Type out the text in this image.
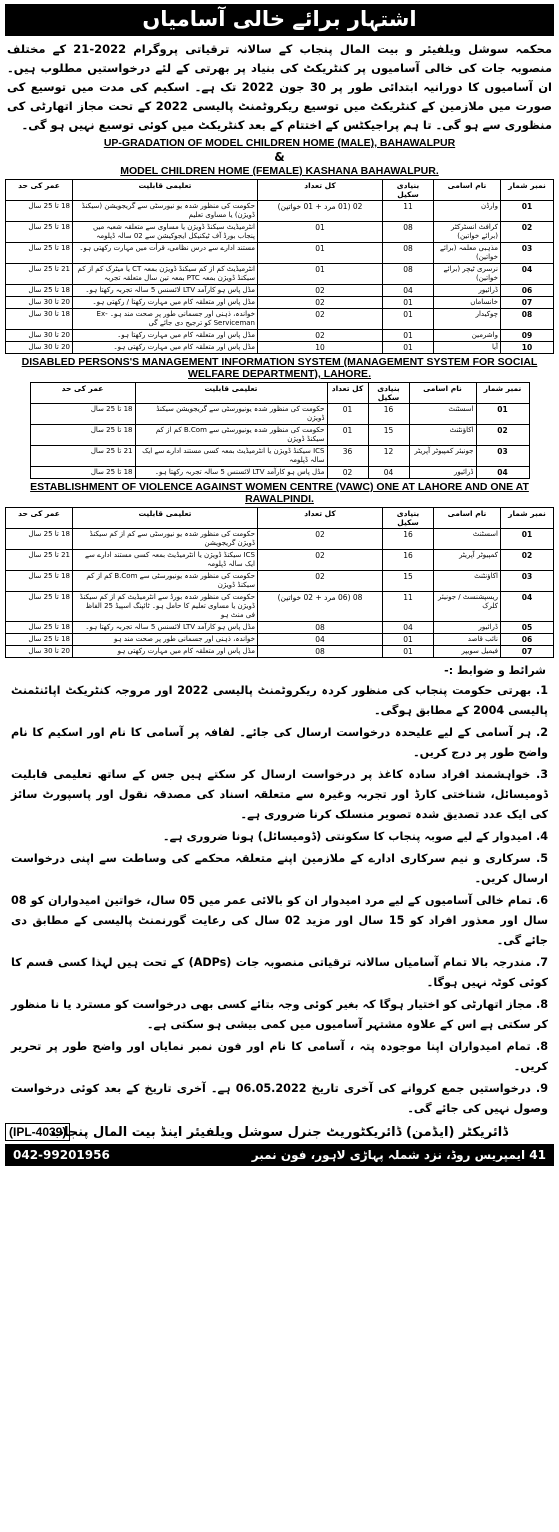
اشتہار برائے خالی آسامیاں
محکمہ سوشل ویلفیئر و بیت المال پنجاب کے سالانہ ترقیاتی پروگرام 2022-21 کے مختلف منصوبہ جات کی خالی آسامیوں پر کنٹریکٹ کی بنیاد پر بھرتی کے لئے درخواستیں مطلوب ہیں۔ ان آسامیوں کا دورانیہ ابتدائی طور پر 30 جون 2022 تک ہے۔ اسکیم کی مدت میں توسیع کی صورت میں ملازمین کے کنٹریکٹ میں توسیع ریکروٹمنٹ پالیسی 2022 کے تحت مجاز اتھارٹی کی منظوری سے ہو گی۔ تا ہم پراجیکٹس کے اختتام کے بعد کنٹریکٹ میں کوئی توسیع نہیں ہو گی۔
UP-GRADATION OF MODEL CHILDREN HOME (MALE), BAHAWALPUR
&
MODEL CHILDREN HOME (FEMALE) KASHANA BAHAWALPUR.
نمبر شمار	نام اسامی	بنیادی سکیل	کل تعداد	تعلیمی قابلیت	عمر کی حد
01	وارڈن	11	02 (01 مرد + 01 خواتین)	حکومت کی منظور شدہ یو نیورسٹی سے گریجویشن (سیکنڈ ڈویژن) یا مساوی تعلیم	18 تا 25 سال
02	کرافٹ انسٹرکٹر (برائے خواتین)	08	01	انٹرمیڈیٹ سیکنڈ ڈویژن یا مساوی سے متعلقہ شعبہ میں پنجاب بورڈ آف ٹیکنیکل ایجوکیشن سے 02 سالہ ڈپلومہ	18 تا 25 سال
03	مذہبی معلمہ (برائے خواتین)	08	01	مستند ادارے سے درس نظامی، قرأت میں مہارت رکھتی ہو۔	18 تا 25 سال
04	نرسری ٹیچر (برائے خواتین)	08	01	انٹرمیڈیٹ کم از کم سیکنڈ ڈویژن بمعہ CT یا میٹرک کم از کم سیکنڈ ڈویژن بمعہ PTC بمعہ تین سال متعلقہ تجربہ	21 تا 25 سال
06	ڈرائیور	04	02	مڈل پاس ہو کارآمد LTV لائسنس 5 سالہ تجربہ رکھتا ہو۔	18 تا 25 سال
07	خانساماں	01	02	مڈل پاس اور متعلقہ کام میں مہارت رکھتا / رکھتی ہو۔	20 تا 30 سال
08	چوکیدار	01	02	خواندہ، ذہنی اور جسمانی طور پر صحت مند ہو۔ Ex-Serviceman کو ترجیح دی جائے گی	18 تا 30 سال
09	واشرمین	01	02	مڈل پاس اور متعلقہ کام میں مہارت رکھتا ہو۔	20 تا 30 سال
10	آیا	01	10	مڈل پاس اور متعلقہ کام میں مہارت رکھتی ہو۔	20 تا 30 سال
DISABLED PERSONS'S MANAGEMENT INFORMATION SYSTEM (MANAGEMENT SYSTEM FOR SOCIAL WELFARE DEPARTMENT), LAHORE.
نمبر شمار	نام اسامی	بنیادی سکیل	کل تعداد	تعلیمی قابلیت	عمر کی حد
01	اسسٹنٹ	16	01	حکومت کی منظور شدہ یونیورسٹی سے گریجویشن سیکنڈ ڈویژن	18 تا 25 سال
02	اکاؤنٹنٹ	15	01	حکومت کی منظور شدہ یونیورسٹی سے B.Com کم از کم سیکنڈ ڈویژن	18 تا 25 سال
03	جونیئر کمپیوٹر آپریٹر	12	36	ICS سیکنڈ ڈویژن یا انٹرمیڈیٹ بمعہ کسی مستند ادارے سے ایک سالہ ڈپلومہ	21 تا 25 سال
04	ڈرائیور	04	02	مڈل پاس ہو کارآمد LTV لائسنس 5 سالہ تجربہ رکھتا ہو۔	18 تا 25 سال
ESTABLISHMENT OF VIOLENCE AGAINST WOMEN CENTRE (VAWC) ONE AT LAHORE AND ONE AT RAWALPINDI.
نمبر شمار	نام اسامی	بنیادی سکیل	کل تعداد	تعلیمی قابلیت	عمر کی حد
01	اسسٹنٹ	16	02	حکومت کی منظور شدہ یو نیورسٹی سے کم از کم سیکنڈ ڈویژن گریجویشن	18 تا 25 سال
02	کمپیوٹر آپریٹر	16	02	ICS سیکنڈ ڈویژن یا انٹرمیڈیٹ بمعہ کسی مستند ادارے سے ایک سالہ ڈپلومہ	21 تا 25 سال
03	اکاؤنٹنٹ	15	02	حکومت کی منظور شدہ یونیورسٹی سے B.Com کم از کم سیکنڈ ڈویژن	18 تا 25 سال
04	ریسپشنسٹ / جونیئر کلرک	11	08 (06 مرد + 02 خواتین)	حکومت کی منظور شدہ بورڈ سے انٹرمیڈیٹ کم از کم سیکنڈ ڈویژن یا مساوی تعلیم کا حامل ہو۔ ٹائپنگ اسپیڈ 25 الفاظ فی منٹ ہو	18 تا 25 سال
05	ڈرائیور	04	08	مڈل پاس ہو کارآمد LTV لائسنس 5 سالہ تجربہ رکھتا ہو۔	18 تا 25 سال
06	نائب قاصد	01	04	خواندہ، ذہنی اور جسمانی طور پر صحت مند ہو	18 تا 25 سال
07	فیمیل سویپر	01	08	مڈل پاس اور متعلقہ کام میں مہارت رکھتی ہو	20 تا 30 سال
شرائط و ضوابط :-

1. بھرتی حکومت پنجاب کی منظور کردہ ریکروٹمنٹ پالیسی 2022 اور مروجہ کنٹریکٹ اپائنٹمنٹ پالیسی 2004 کے مطابق ہوگی۔

2. ہر آسامی کے لیے علیحدہ درخواست ارسال کی جائے۔ لفافہ پر آسامی کا نام اور اسکیم کا نام واضح طور پر درج کریں۔

3. خواہشمند افراد سادہ کاغذ پر درخواست ارسال کر سکتے ہیں جس کے ساتھ تعلیمی قابلیت ڈومیسائل، شناختی کارڈ اور تجربہ وغیرہ سے متعلقہ اسناد کی مصدقہ نقول اور پاسپورٹ سائز کی ایک عدد تصدیق شدہ تصویر منسلک کرنا ضروری ہے۔

4. امیدوار کے لیے صوبہ پنجاب کا سکونتی (ڈومیسائل) ہونا ضروری ہے۔

5. سرکاری و نیم سرکاری ادارے کے ملازمین اپنے متعلقہ محکمے کی وساطت سے اپنی درخواست ارسال کریں۔

6. تمام خالی آسامیوں کے لیے مرد امیدوار ان کو بالائی عمر میں 05 سال، خواتین امیدواران کو 08 سال اور معذور افراد کو 15 سال اور مزید 02 سال کی رعایت گورنمنٹ پالیسی کے مطابق دی جائے گی۔

7. مندرجہ بالا تمام آسامیاں سالانہ ترقیاتی منصوبہ جات (ADPs) کے تحت ہیں لہذا کسی قسم کا کوئی کوٹہ نہیں ہوگا۔

8. مجاز اتھارٹی کو اختیار ہوگا کہ بغیر کوئی وجہ بتائے کسی بھی درخواست کو مسترد یا نا منظور کر سکتی ہے اس کے علاوہ مشتہر آسامیوں میں کمی بیشی ہو سکتی ہے۔

8. تمام امیدواران اپنا موجودہ پتہ ، آسامی کا نام اور فون نمبر نمایاں اور واضح طور پر تحریر کریں۔

9. درخواستیں جمع کروانے کی آخری تاریخ 06.05.2022 ہے۔ آخری تاریخ کے بعد کوئی درخواست وصول نہیں کی جائے گی۔

(IPL-4039)
ڈائریکٹر (ایڈمن) ڈائریکٹوریٹ جنرل سوشل ویلفیئر اینڈ بیت المال پنجاب
41 ایمپریس روڈ، نزد شملہ پہاڑی لاہور، فون نمبر
042-99201956
